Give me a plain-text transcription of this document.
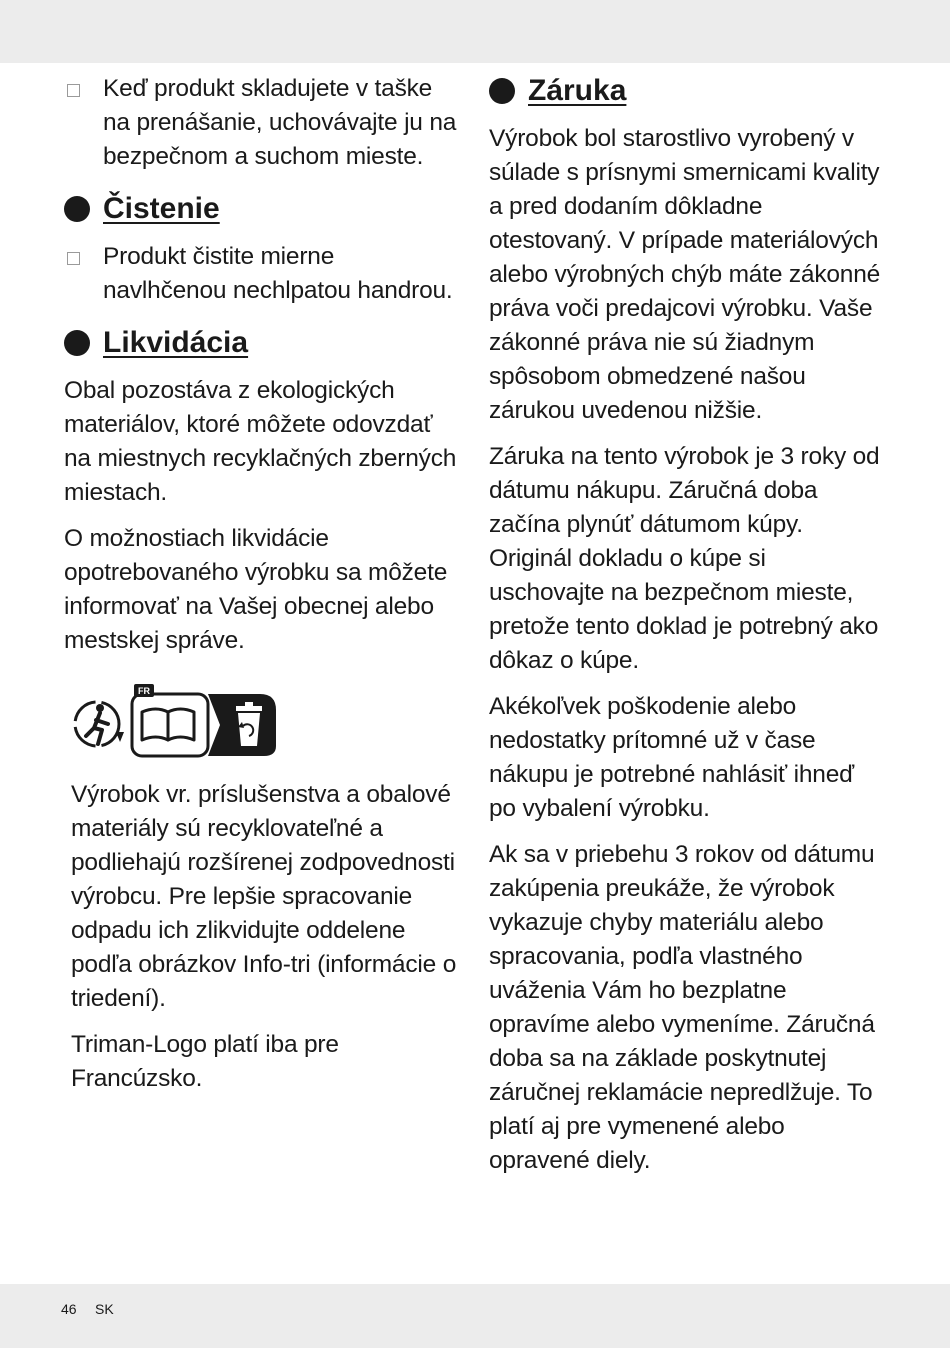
Keď produkt skladujete v taške na prenášanie, uchovávajte ju na bezpečnom a suchom mieste.
Čistenie
Produkt čistite mierne navlhčenou nechlpatou handrou.
Likvidácia

Obal pozostáva z ekologických materiálov, ktoré môžete odovzdať na miestnych recyklačných zberných miestach.

O možnostiach likvidácie opotrebovaného výrobku sa môžete informovať na Vašej obecnej alebo mestskej správe.

FR

Výrobok vr. príslušenstva a obalové materiály sú recyklovateľné a podliehajú rozšírenej zodpovednosti výrobcu. Pre lepšie spracovanie odpadu ich zlikvidujte oddelene podľa obrázkov Info-tri (informácie o triedení).

Triman-Logo platí iba pre Francúzsko.

Záruka

Výrobok bol starostlivo vyrobený v súlade s prísnymi smernicami kvality a pred dodaním dôkladne otestovaný. V prípade materiálových alebo výrobných chýb máte zákonné práva voči predajcovi výrobku. Vaše zákonné práva nie sú žiadnym spôsobom obmedzené našou zárukou uvedenou nižšie.

Záruka na tento výrobok je 3 roky od dátumu nákupu. Záručná doba začína plynúť dátumom kúpy. Originál dokladu o kúpe si uschovajte na bezpečnom mieste, pretože tento doklad je potrebný ako dôkaz o kúpe.

Akékoľvek poškodenie alebo nedostatky prítomné už v čase nákupu je potrebné nahlásiť ihneď po vybalení výrobku.

Ak sa v priebehu 3 rokov od dátumu zakúpenia preukáže, že výrobok vykazuje chyby materiálu alebo spracovania, podľa vlastného uváženia Vám ho bezplatne opravíme alebo vymeníme. Záručná doba sa na základe poskytnutej záručnej reklamácie nepredlžuje. To platí aj pre vymenené alebo opravené diely.

46 SK
